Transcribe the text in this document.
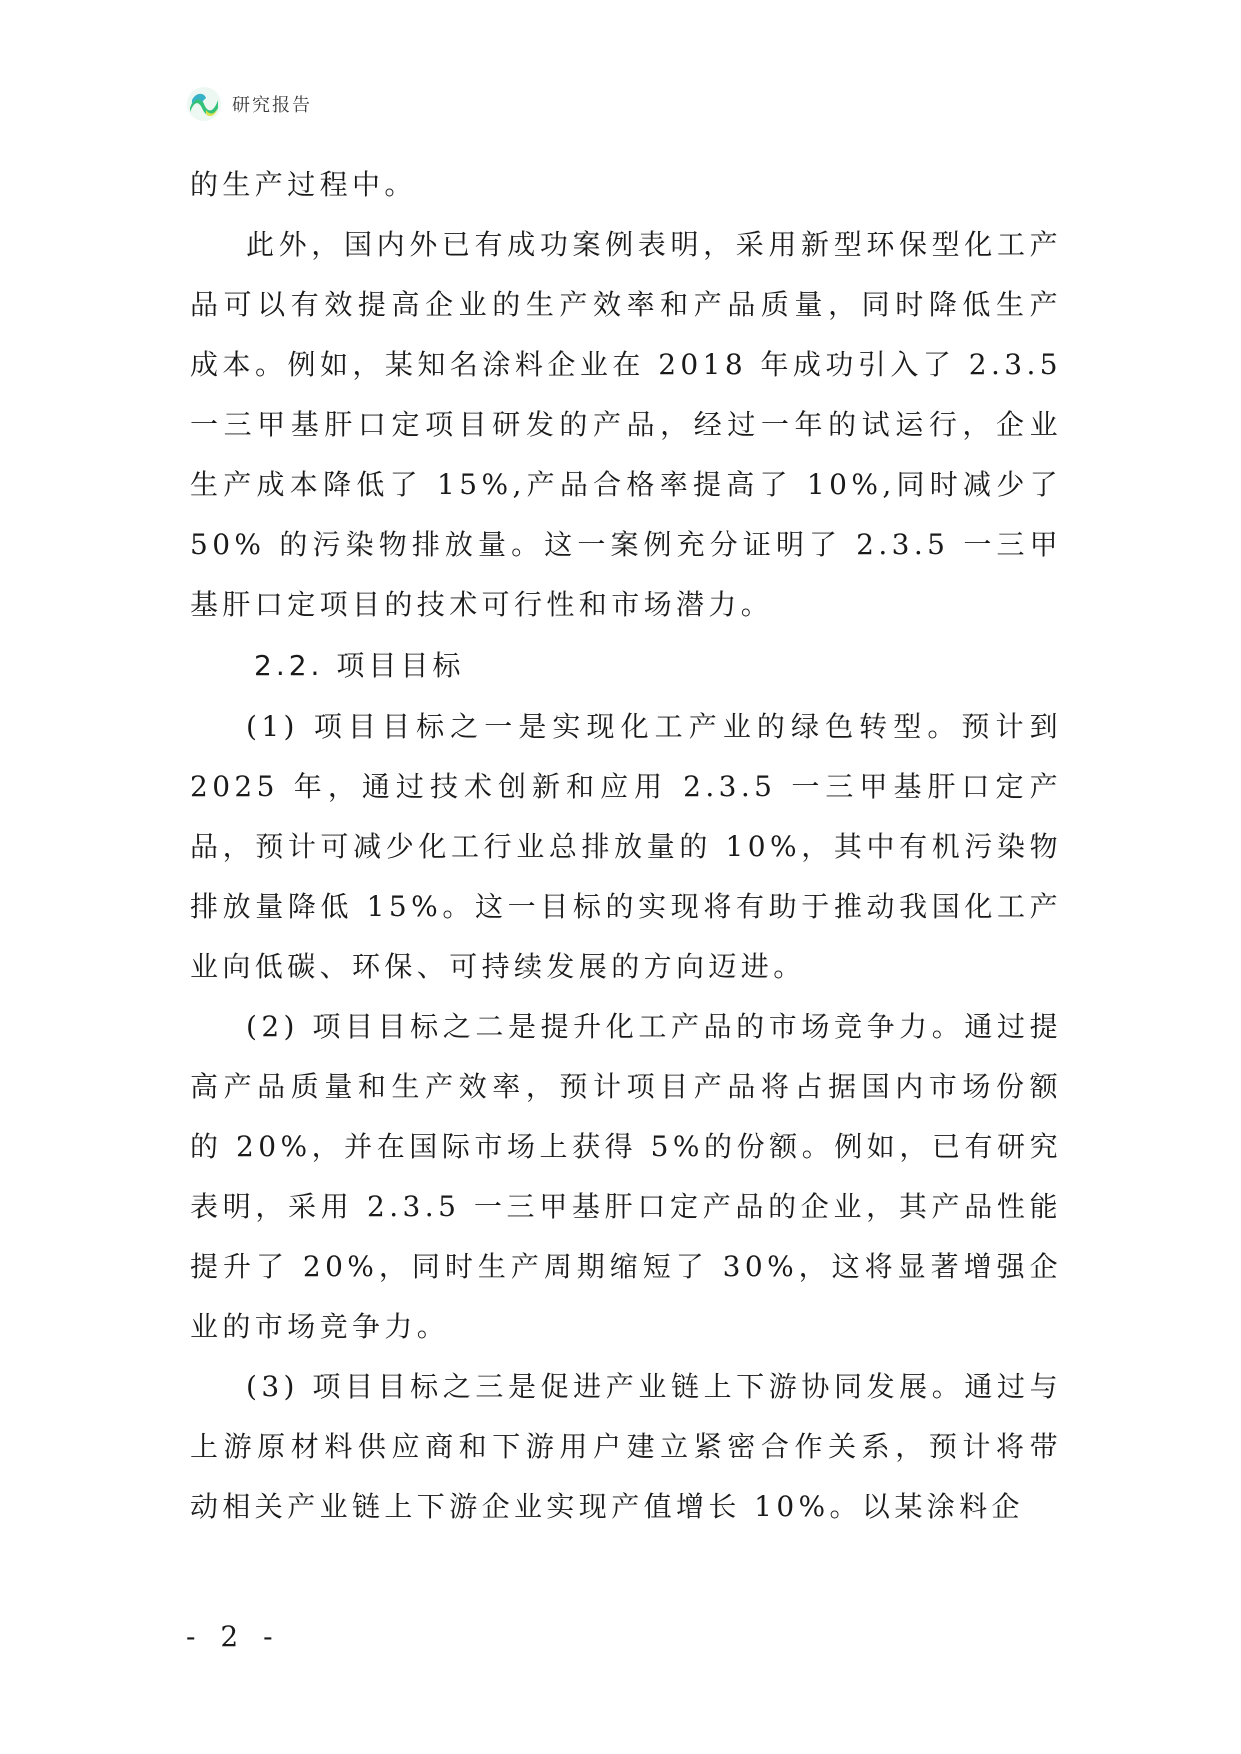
研究报告

的生产过程中。

此外，国内外已有成功案例表明，采用新型环保型化工产品可以有效提高企业的生产效率和产品质量，同时降低生产成本。例如，某知名涂料企业在 2018 年成功引入了 2.3.5 一三甲基肝口定项目研发的产品，经过一年的试运行，企业生产成本降低了 15%,产品合格率提高了 10%,同时减少了 50% 的污染物排放量。这一案例充分证明了 2.3.5 一三甲基肝口定项目的技术可行性和市场潜力。

2.2. 项目目标

(1) 项目目标之一是实现化工产业的绿色转型。预计到 2025 年，通过技术创新和应用 2.3.5 一三甲基肝口定产品，预计可减少化工行业总排放量的 10%，其中有机污染物排放量降低 15%。这一目标的实现将有助于推动我国化工产业向低碳、环保、可持续发展的方向迈进。

(2) 项目目标之二是提升化工产品的市场竞争力。通过提高产品质量和生产效率，预计项目产品将占据国内市场份额的 20%，并在国际市场上获得 5%的份额。例如，已有研究表明，采用 2.3.5 一三甲基肝口定产品的企业，其产品性能提升了 20%，同时生产周期缩短了 30%，这将显著增强企业的市场竞争力。

(3) 项目目标之三是促进产业链上下游协同发展。通过与上游原材料供应商和下游用户建立紧密合作关系，预计将带动相关产业链上下游企业实现产值增长 10%。以某涂料企

- 2 -
